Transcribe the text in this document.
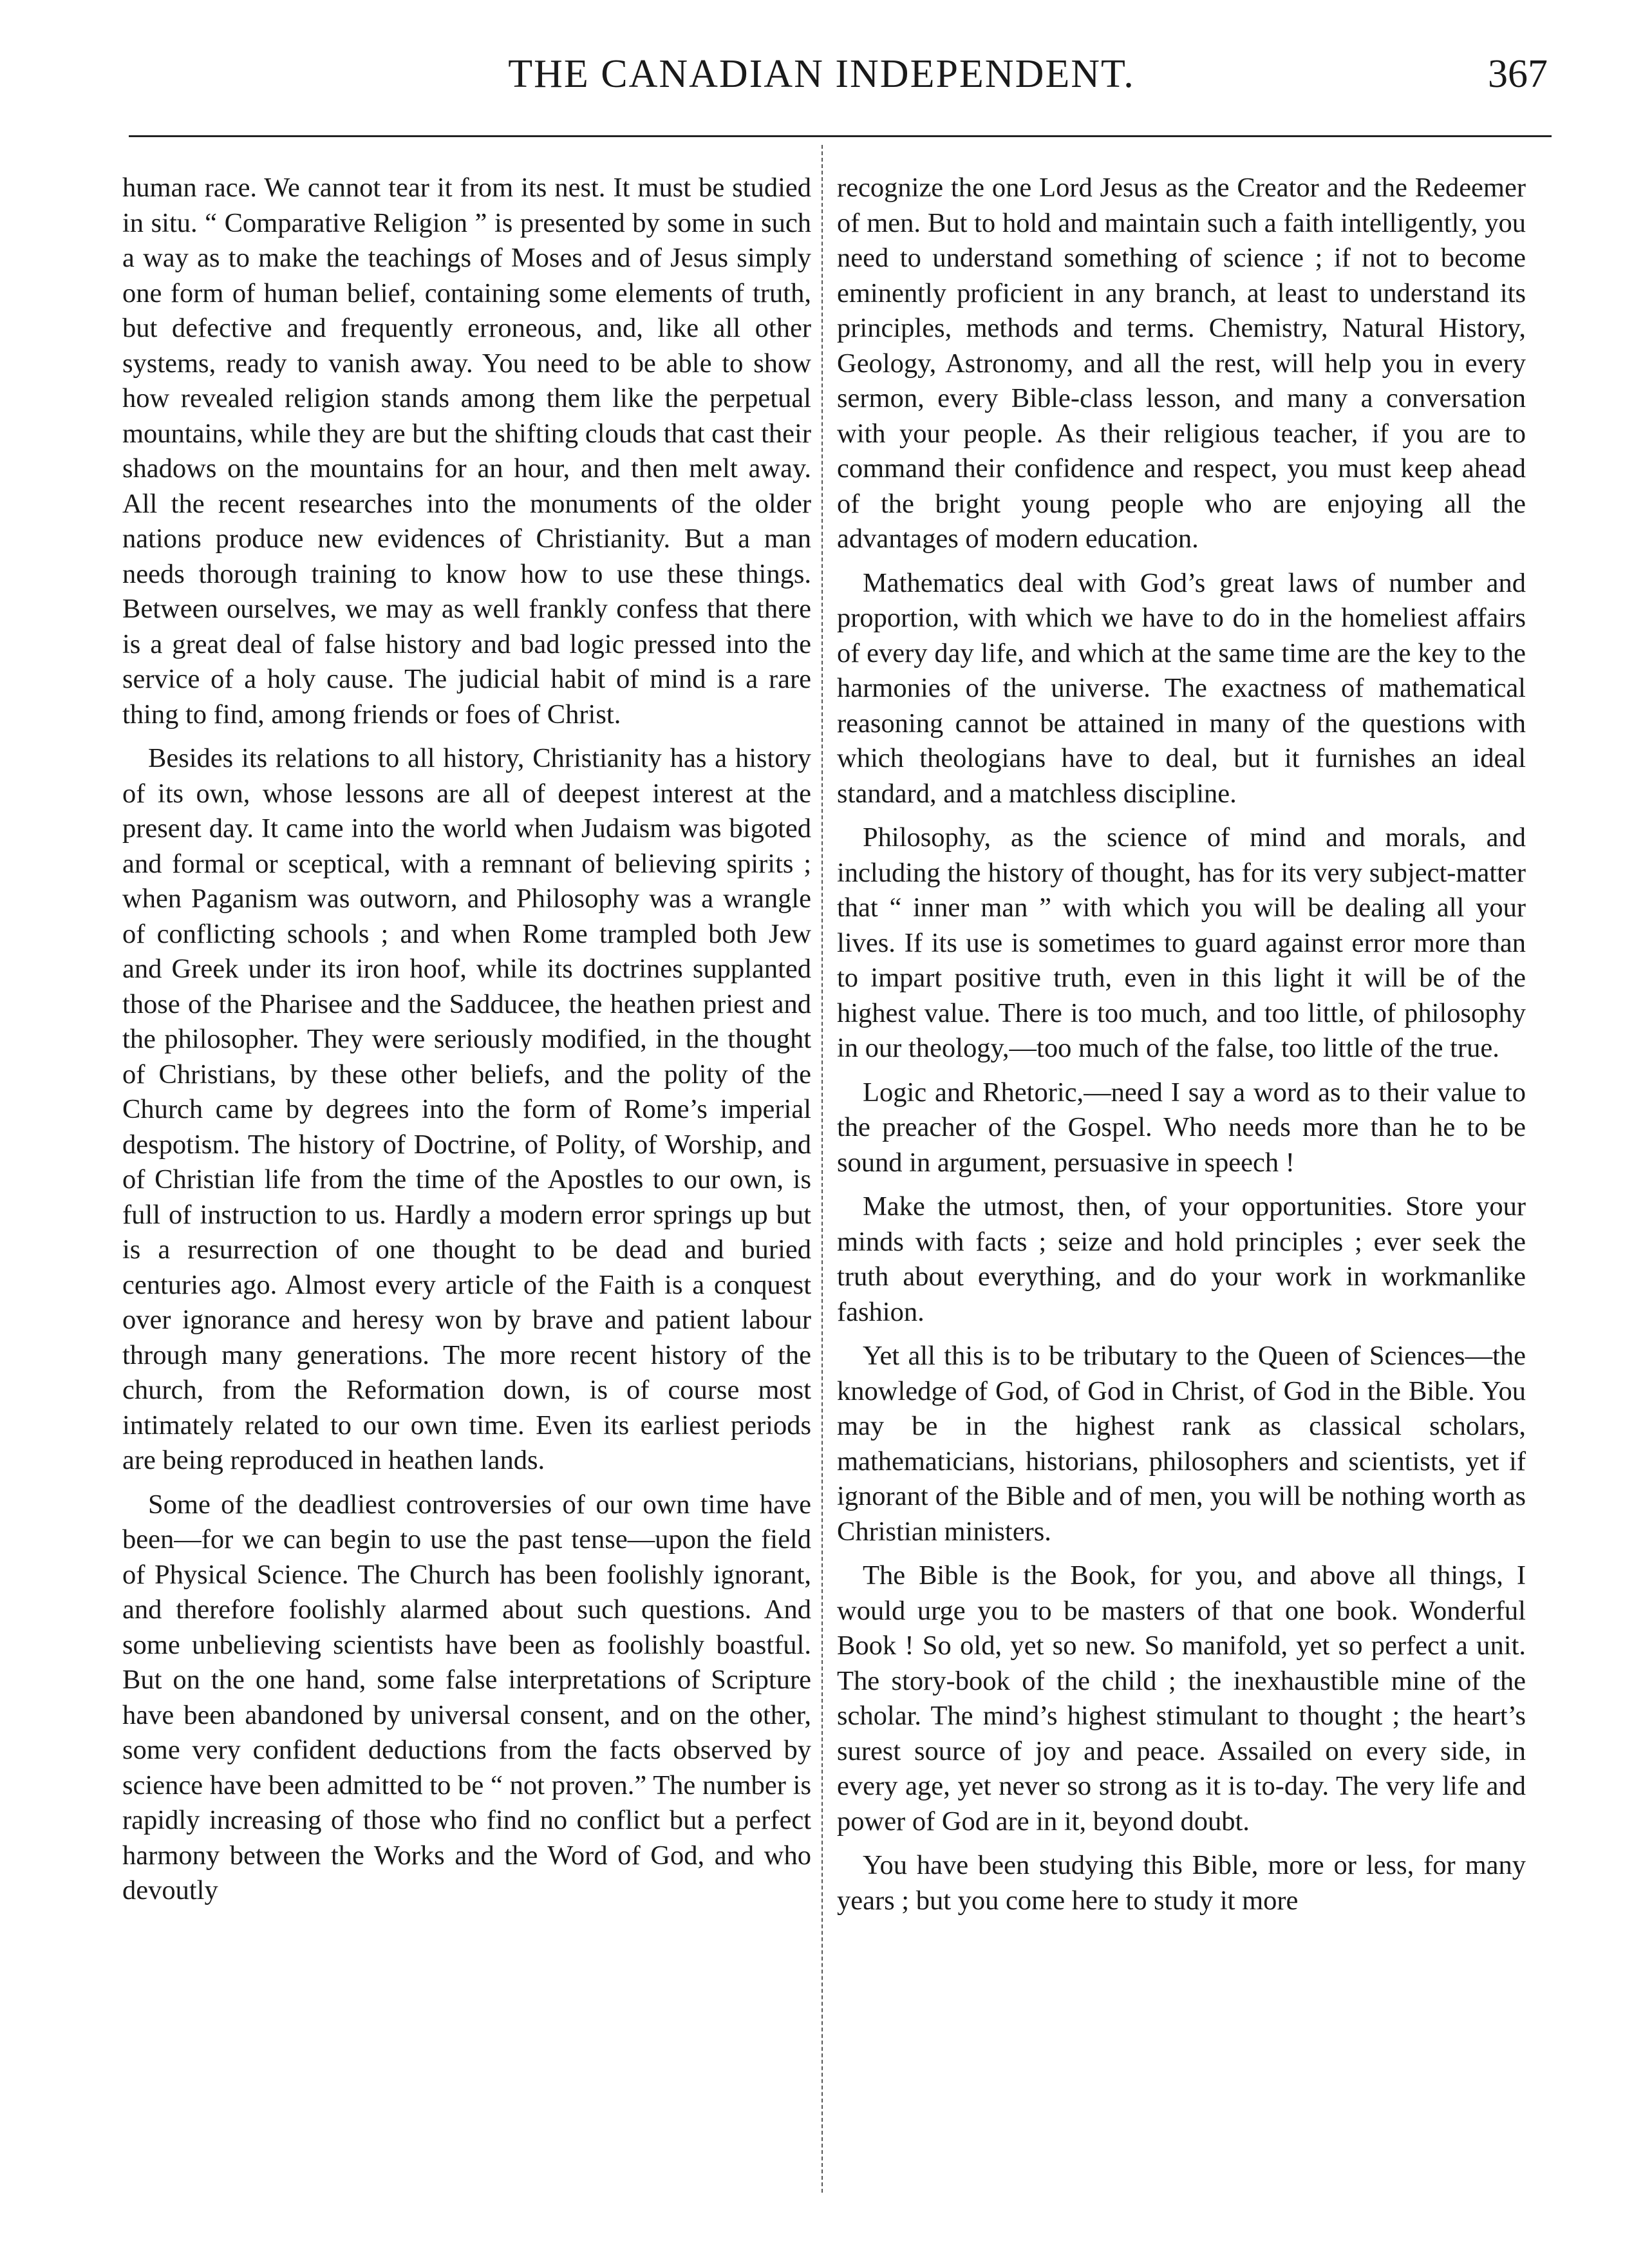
THE CANADIAN INDEPENDENT.	367

human race. We cannot tear it from its nest. It must be studied in situ. “ Comparative Religion ” is presented by some in such a way as to make the teachings of Moses and of Jesus simply one form of human belief, containing some elements of truth, but defective and frequently erroneous, and, like all other systems, ready to vanish away. You need to be able to show how revealed religion stands among them like the perpetual mountains, while they are but the shifting clouds that cast their shadows on the mountains for an hour, and then melt away. All the recent researches into the monuments of the older nations produce new evidences of Christianity. But a man needs thorough training to know how to use these things. Between ourselves, we may as well frankly confess that there is a great deal of false history and bad logic pressed into the service of a holy cause. The judicial habit of mind is a rare thing to find, among friends or foes of Christ.

Besides its relations to all history, Christianity has a history of its own, whose lessons are all of deepest interest at the present day. It came into the world when Judaism was bigoted and formal or sceptical, with a remnant of believing spirits ; when Paganism was outworn, and Philosophy was a wrangle of conflicting schools ; and when Rome trampled both Jew and Greek under its iron hoof, while its doctrines supplanted those of the Pharisee and the Sadducee, the heathen priest and the philosopher. They were seriously modified, in the thought of Christians, by these other beliefs, and the polity of the Church came by degrees into the form of Rome’s imperial despotism. The history of Doctrine, of Polity, of Worship, and of Christian life from the time of the Apostles to our own, is full of instruction to us. Hardly a modern error springs up but is a resurrection of one thought to be dead and buried centuries ago. Almost every article of the Faith is a conquest over ignorance and heresy won by brave and patient labour through many generations. The more recent history of the church, from the Reformation down, is of course most intimately related to our own time. Even its earliest periods are being reproduced in heathen lands.

Some of the deadliest controversies of our own time have been—for we can begin to use the past tense—upon the field of Physical Science. The Church has been foolishly ignorant, and therefore foolishly alarmed about such questions. And some unbelieving scientists have been as foolishly boastful. But on the one hand, some false interpretations of Scripture have been abandoned by universal consent, and on the other, some very confident deductions from the facts observed by science have been admitted to be “ not proven.” The number is rapidly increasing of those who find no conflict but a perfect harmony between the Works and the Word of God, and who devoutly

recognize the one Lord Jesus as the Creator and the Redeemer of men. But to hold and maintain such a faith intelligently, you need to understand something of science ; if not to become eminently proficient in any branch, at least to understand its principles, methods and terms. Chemistry, Natural History, Geology, Astronomy, and all the rest, will help you in every sermon, every Bible-class lesson, and many a conversation with your people. As their religious teacher, if you are to command their confidence and respect, you must keep ahead of the bright young people who are enjoying all the advantages of modern education.

Mathematics deal with God’s great laws of number and proportion, with which we have to do in the homeliest affairs of every day life, and which at the same time are the key to the harmonies of the universe. The exactness of mathematical reasoning cannot be attained in many of the questions with which theologians have to deal, but it furnishes an ideal standard, and a matchless discipline.

Philosophy, as the science of mind and morals, and including the history of thought, has for its very subject-matter that “ inner man ” with which you will be dealing all your lives. If its use is sometimes to guard against error more than to impart positive truth, even in this light it will be of the highest value. There is too much, and too little, of philosophy in our theology,—too much of the false, too little of the true.

Logic and Rhetoric,—need I say a word as to their value to the preacher of the Gospel. Who needs more than he to be sound in argument, persuasive in speech !

Make the utmost, then, of your opportunities. Store your minds with facts ; seize and hold principles ; ever seek the truth about everything, and do your work in workmanlike fashion.

Yet all this is to be tributary to the Queen of Sciences—the knowledge of God, of God in Christ, of God in the Bible. You may be in the highest rank as classical scholars, mathematicians, historians, philosophers and scientists, yet if ignorant of the Bible and of men, you will be nothing worth as Christian ministers.

The Bible is the Book, for you, and above all things, I would urge you to be masters of that one book. Wonderful Book ! So old, yet so new. So manifold, yet so perfect a unit. The story-book of the child ; the inexhaustible mine of the scholar. The mind’s highest stimulant to thought ; the heart’s surest source of joy and peace. Assailed on every side, in every age, yet never so strong as it is to-day. The very life and power of God are in it, beyond doubt.

You have been studying this Bible, more or less, for many years ; but you come here to study it more
